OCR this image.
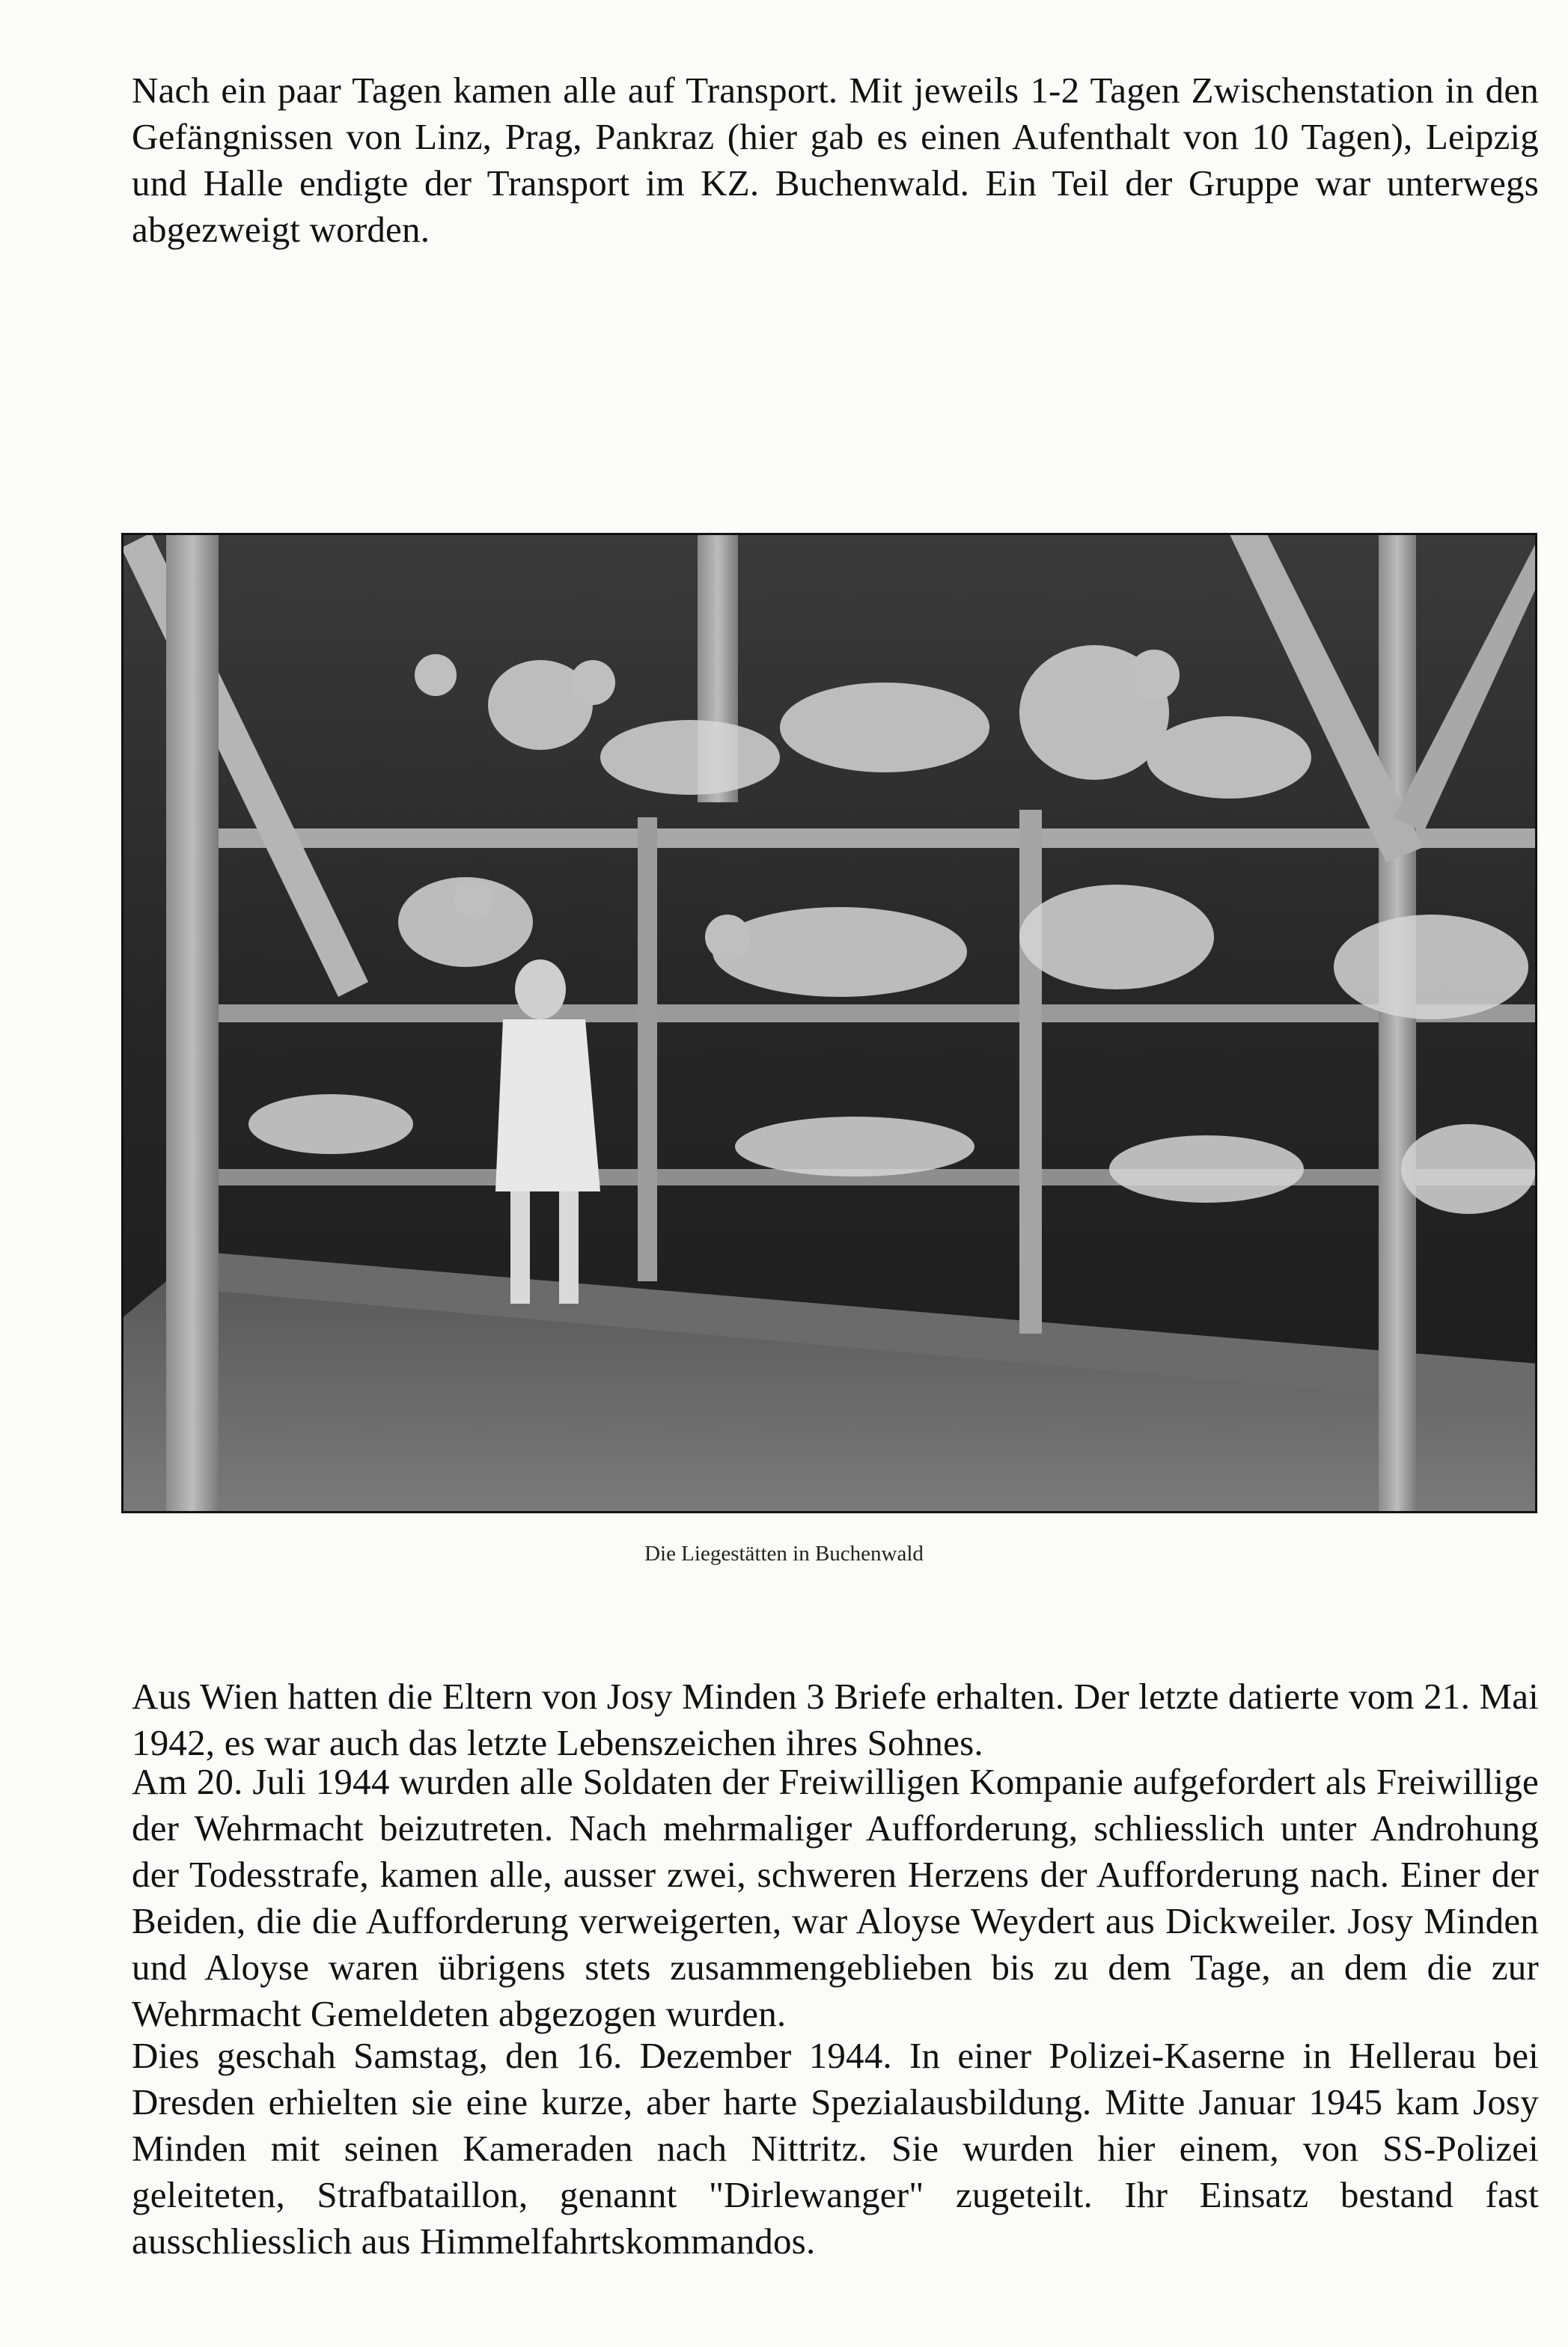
Nach ein paar Tagen kamen alle auf Transport. Mit jeweils 1-2 Tagen Zwischenstation in den Gefängnissen von Linz, Prag, Pankraz (hier gab es einen Aufenthalt von 10 Tagen), Leipzig und Halle endigte der Transport im KZ. Buchenwald. Ein Teil der Gruppe war unterwegs abgezweigt worden.

Die Liegestätten in Buchenwald

Aus Wien hatten die Eltern von Josy Minden 3 Briefe erhalten. Der letzte datierte vom 21. Mai 1942, es war auch das letzte Lebenszeichen ihres Sohnes.

Am 20. Juli 1944 wurden alle Soldaten der Freiwilligen Kompanie aufgefordert als Freiwillige der Wehrmacht beizutreten. Nach mehrmaliger Aufforderung, schliesslich unter Androhung der Todesstrafe, kamen alle, ausser zwei, schweren Herzens der Aufforderung nach. Einer der Beiden, die die Aufforderung verweigerten, war Aloyse Weydert aus Dickweiler. Josy Minden und Aloyse waren übrigens stets zusammengeblieben bis zu dem Tage, an dem die zur Wehrmacht Gemeldeten abgezogen wurden.

Dies geschah Samstag, den 16. Dezember 1944. In einer Polizei-Kaserne in Hellerau bei Dresden erhielten sie eine kurze, aber harte Spezialausbildung. Mitte Januar 1945 kam Josy Minden mit seinen Kameraden nach Nittritz. Sie wurden hier einem, von SS-Polizei geleiteten, Strafbataillon, genannt "Dirlewanger" zugeteilt. Ihr Einsatz bestand fast ausschliesslich aus Himmelfahrtskommandos.
